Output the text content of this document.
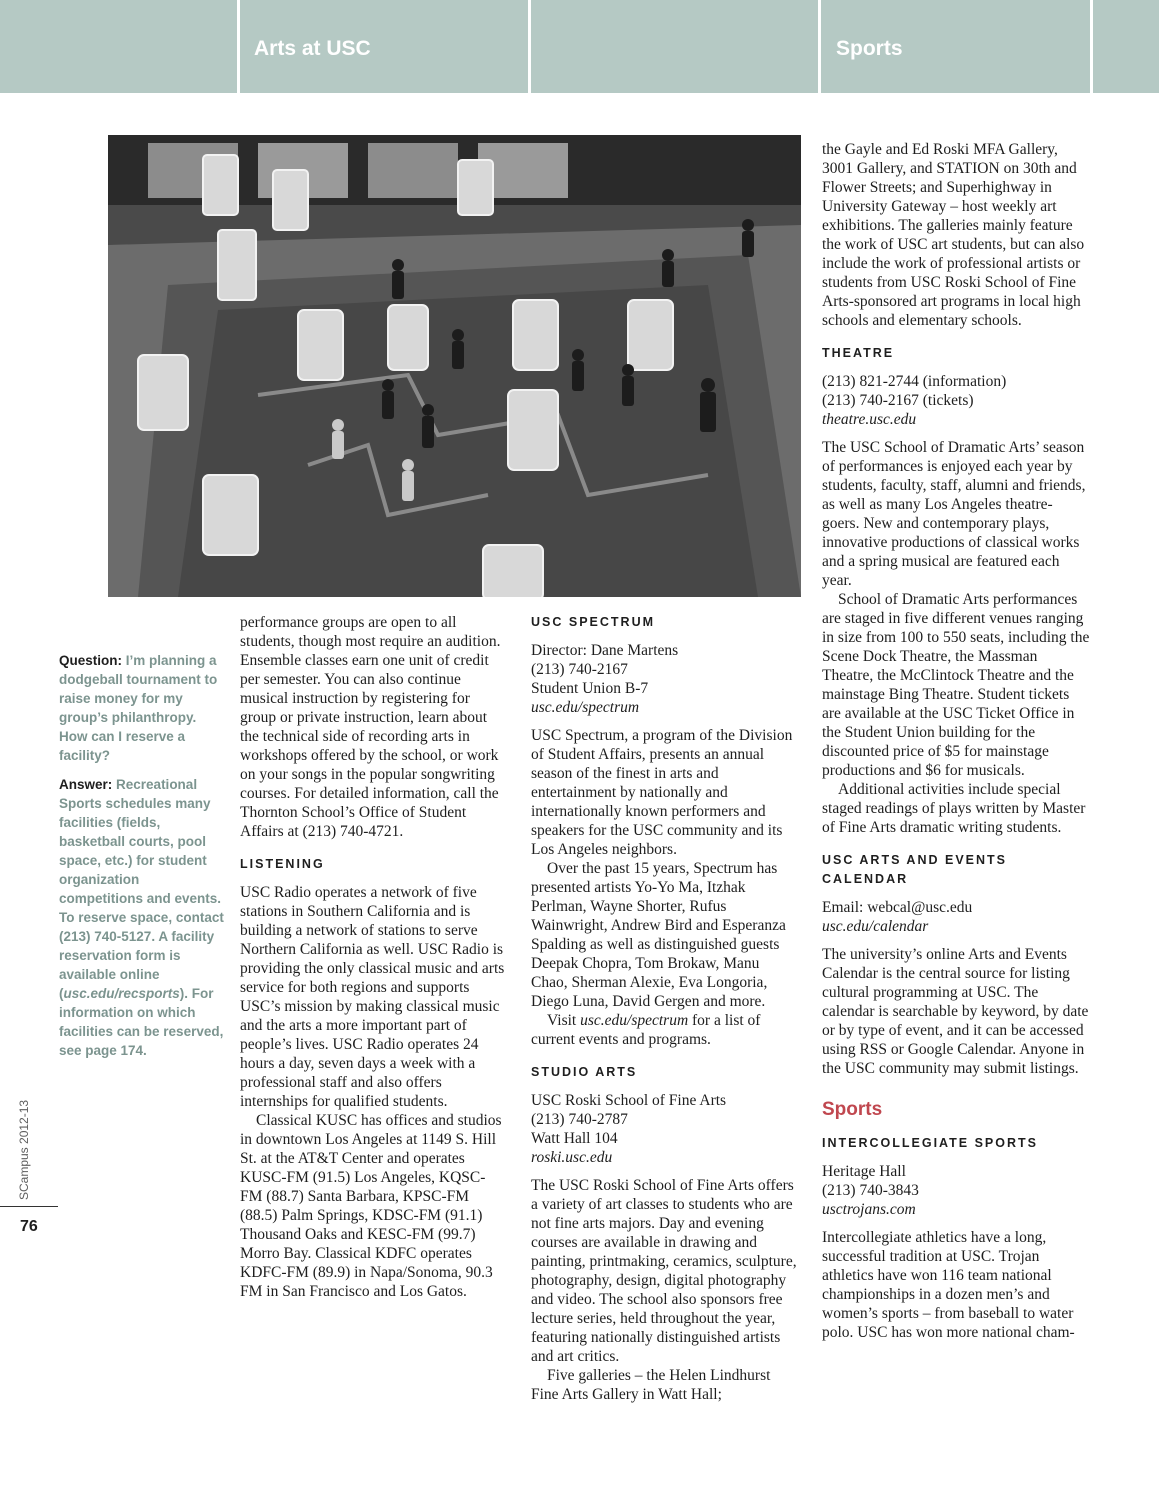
Arts at USC	Sports

Question: I’m planning a dodgeball tournament to raise money for my group’s philanthropy. How can I reserve a facility?

Answer: Recreational Sports schedules many facilities (fields, basketball courts, pool space, etc.) for student organization competitions and events. To reserve space, contact (213) 740-5127. A facility reservation form is available online (usc.edu/recsports). For information on which facilities can be reserved, see page 174.

SCampus 2012-13
76

performance groups are open to all students, though most require an audition. Ensemble classes earn one unit of credit per semester. You can also continue musical instruction by registering for group or private instruction, learn about the technical side of recording arts in workshops offered by the school, or work on your songs in the popular songwriting courses. For detailed information, call the Thornton School’s Office of Student Affairs at (213) 740-4721.

LISTENING

USC Radio operates a network of five stations in Southern California and is building a network of stations to serve Northern California as well. USC Radio is providing the only classical music and arts service for both regions and supports USC’s mission by making classical music and the arts a more important part of people’s lives. USC Radio operates 24 hours a day, seven days a week with a professional staff and also offers internships for qualified students.

Classical KUSC has offices and studios in downtown Los Angeles at 1149 S. Hill St. at the AT&T Center and operates KUSC-FM (91.5) Los Angeles, KQSC-FM (88.7) Santa Barbara, KPSC-FM (88.5) Palm Springs, KDSC-FM (91.1) Thousand Oaks and KESC-FM (99.7) Morro Bay. Classical KDFC operates KDFC-FM (89.9) in Napa/Sonoma, 90.3 FM in San Francisco and Los Gatos.

USC SPECTRUM

Director: Dane Martens

(213) 740-2167

Student Union B-7

usc.edu/spectrum

USC Spectrum, a program of the Division of Student Affairs, presents an annual season of the finest in arts and entertainment by nationally and internationally known performers and speakers for the USC community and its Los Angeles neighbors.

Over the past 15 years, Spectrum has presented artists Yo-Yo Ma, Itzhak Perlman, Wayne Shorter, Rufus Wainwright, Andrew Bird and Esperanza Spalding as well as distinguished guests Deepak Chopra, Tom Brokaw, Manu Chao, Sherman Alexie, Eva Longoria, Diego Luna, David Gergen and more.

Visit usc.edu/spectrum for a list of current events and programs.

STUDIO ARTS

USC Roski School of Fine Arts

(213) 740-2787

Watt Hall 104

roski.usc.edu

The USC Roski School of Fine Arts offers a variety of art classes to students who are not fine arts majors. Day and evening courses are available in drawing and painting, printmaking, ceramics, sculpture, photography, design, digital photography and video. The school also sponsors free lecture series, held throughout the year, featuring nationally distinguished artists and art critics.

Five galleries – the Helen Lindhurst Fine Arts Gallery in Watt Hall;

the Gayle and Ed Roski MFA Gallery, 3001 Gallery, and STATION on 30th and Flower Streets; and Superhighway in University Gateway – host weekly art exhibitions. The galleries mainly feature the work of USC art students, but can also include the work of professional artists or students from USC Roski School of Fine Arts-sponsored art programs in local high schools and elementary schools.

THEATRE

(213) 821-2744 (information)

(213) 740-2167 (tickets)

theatre.usc.edu

The USC School of Dramatic Arts’ season of performances is enjoyed each year by students, faculty, staff, alumni and friends, as well as many Los Angeles theatre-goers. New and contemporary plays, innovative productions of classical works and a spring musical are featured each year.

School of Dramatic Arts performances are staged in five different venues ranging in size from 100 to 550 seats, including the Scene Dock Theatre, the Massman Theatre, the McClintock Theatre and the mainstage Bing Theatre. Student tickets are available at the USC Ticket Office in the Student Union building for the discounted price of $5 for mainstage productions and $6 for musicals.

Additional activities include special staged readings of plays written by Master of Fine Arts dramatic writing students.

USC ARTS AND EVENTS CALENDAR

Email: webcal@usc.edu

usc.edu/calendar

The university’s online Arts and Events Calendar is the central source for listing cultural programming at USC. The calendar is searchable by keyword, by date or by type of event, and it can be accessed using RSS or Google Calendar. Anyone in the USC community may submit listings.

Sports
INTERCOLLEGIATE SPORTS

Heritage Hall

(213) 740-3843

usctrojans.com

Intercollegiate athletics have a long, successful tradition at USC. Trojan athletics have won 116 team national championships in a dozen men’s and women’s sports – from baseball to water polo. USC has won more national cham-
